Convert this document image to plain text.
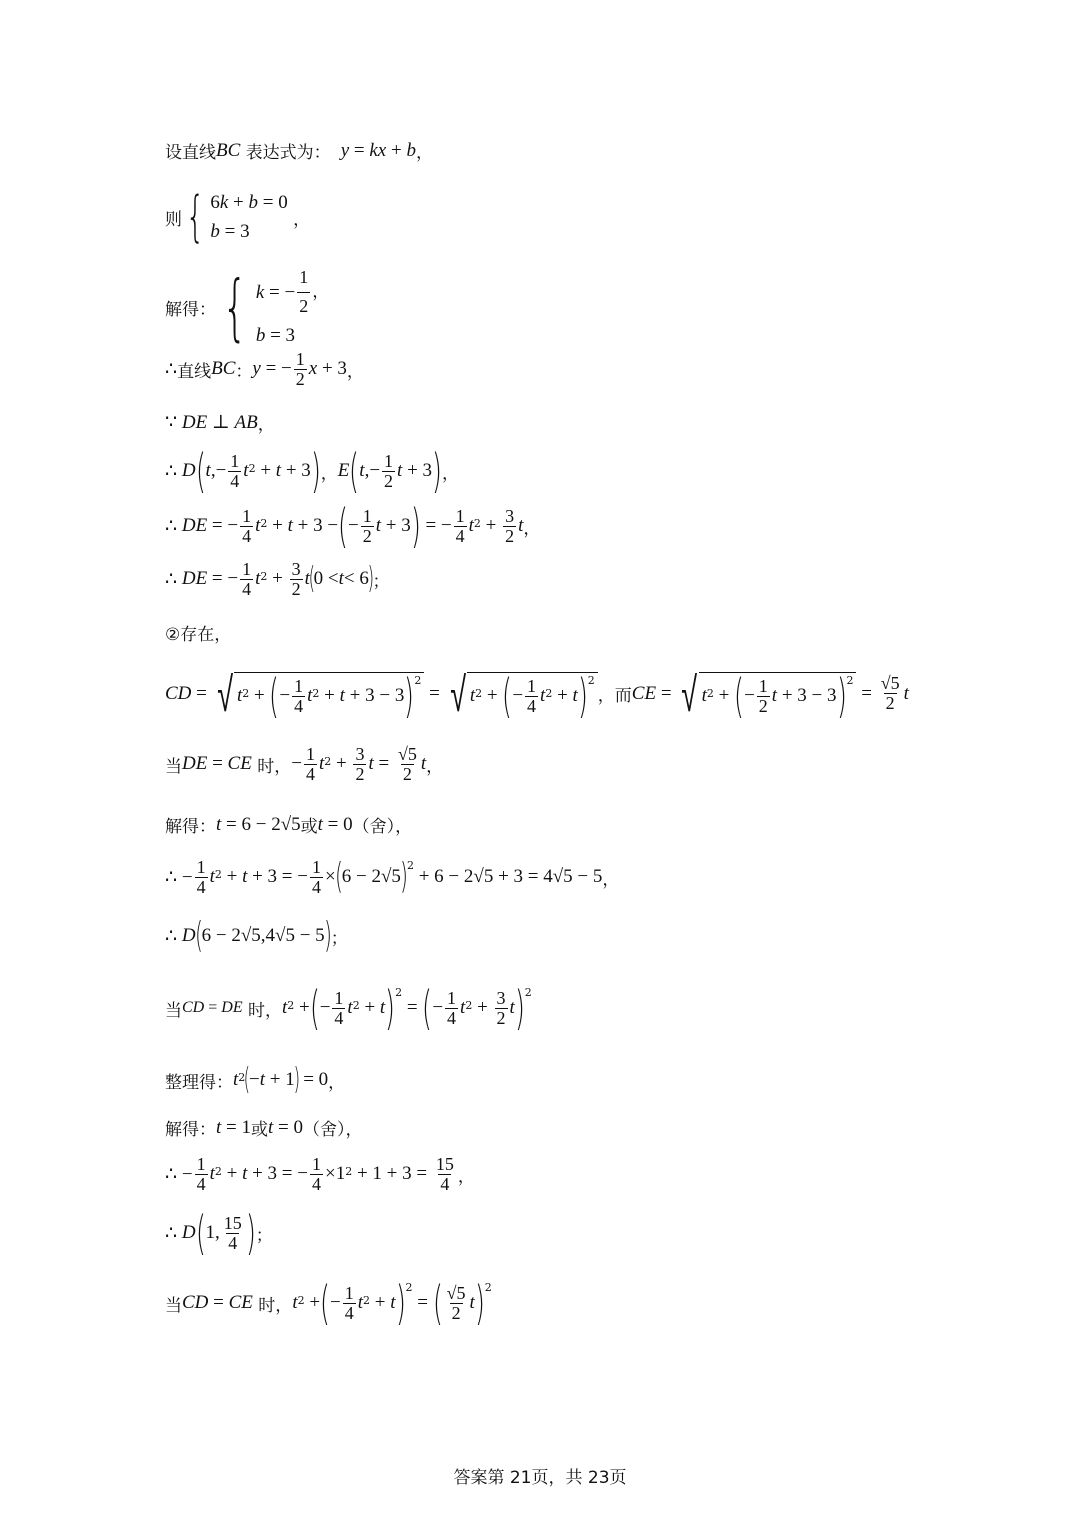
设直线 BC 表达式为： y = kx + b ，
则 { 6k + b = 0
b = 3
，
解得： { k = − $\frac{1}{2}$ ，
b = 3
∴ 直线 BC ： y = − $\frac{1}{2}$ x + 3 ，
∵ DE ⊥ AB ，
∴ D ( t ,− $\frac{1}{4}$ t 2 + t + 3 ) ， E ( t ,− $\frac{1}{2}$ t + 3 ) ，
∴ DE = − $\frac{1}{4}$ t 2 + t + 3 − ( − $\frac{1}{2}$ t + 3 ) = − $\frac{1}{4}$ t $2 + \frac{3}{2}$ t ，
∴ DE = − $\frac{1}{4}$ t $2 + \frac{3}{2}$ t
(
0 < t < 6
)
；
②存在，
CD = √ t 2 + ( − $\frac{1}{4}$ t 2 + t + 3 − 3 ) 2
= √ t 2 + ( − $\frac{1}{4}$ t 2 + t ) 2
，而 CE = √ t 2 + ( − $\frac{1}{2}$ t + 3 − 3 ) 2
= $\frac{√5}{2}$ t
当 DE = CE 时， − $\frac{1}{4}$ t $2 + \frac{3}{2}$ $t = \frac{√5}{2}$ t ，
解得： t = 6 − 2√5 或 t = 0 （舍），
∴ − $\frac{1}{4}$ t 2 + t + 3 = − $\frac{1}{4}$ × ( 6 − 2√5 ) 2
+ 6 − 2√5 + 3 = 4√5 − 5 ，
∴ D ( 6 − 2√5,4√5 − 5 ) ；
当 CD = DE 时， t 2 + ( − $\frac{1}{4}$ t 2 + t ) 2
= ( − $\frac{1}{4}$ t $2 + \frac{3}{2}$ t ) 2
整理得： t 2
(
− t + 1
)
= 0 ，
解得： t = 1 或 t = 0 （舍），
∴ − $\frac{1}{4}$ t 2 + t + 3 = − $\frac{1}{4} \times 1$ $2 + 1 + 3 = \frac{15}{4}$ ，
∴ D ( 1, $\frac{15}{4}$ ) ；
当 CD = CE 时， t 2 + ( − $\frac{1}{4}$ t 2 + t ) 2
= ( $\frac{√5}{2}$ t ) 2
答案第 21页，共 23页
